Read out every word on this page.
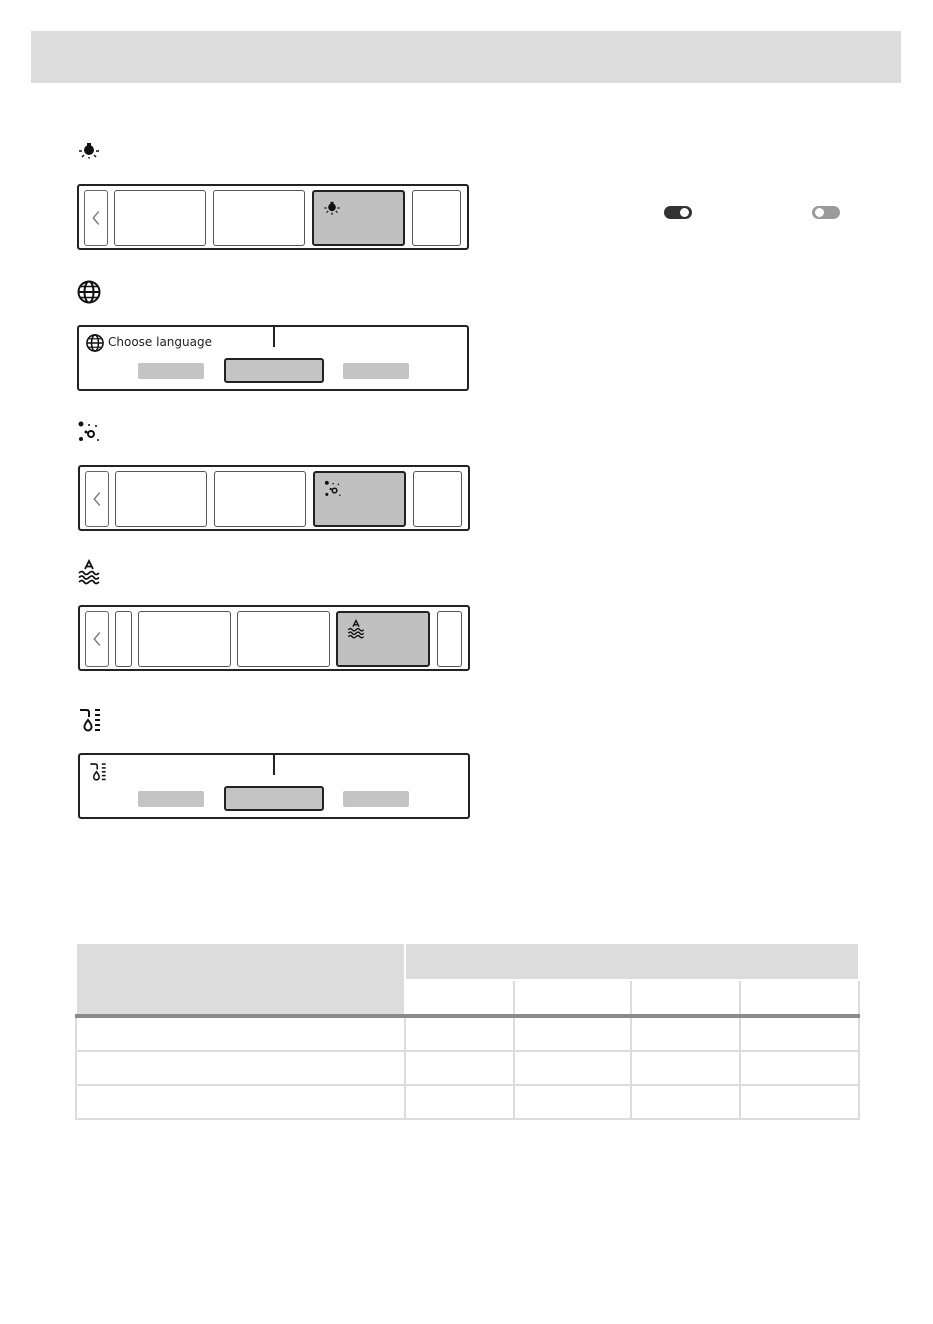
Choose language
